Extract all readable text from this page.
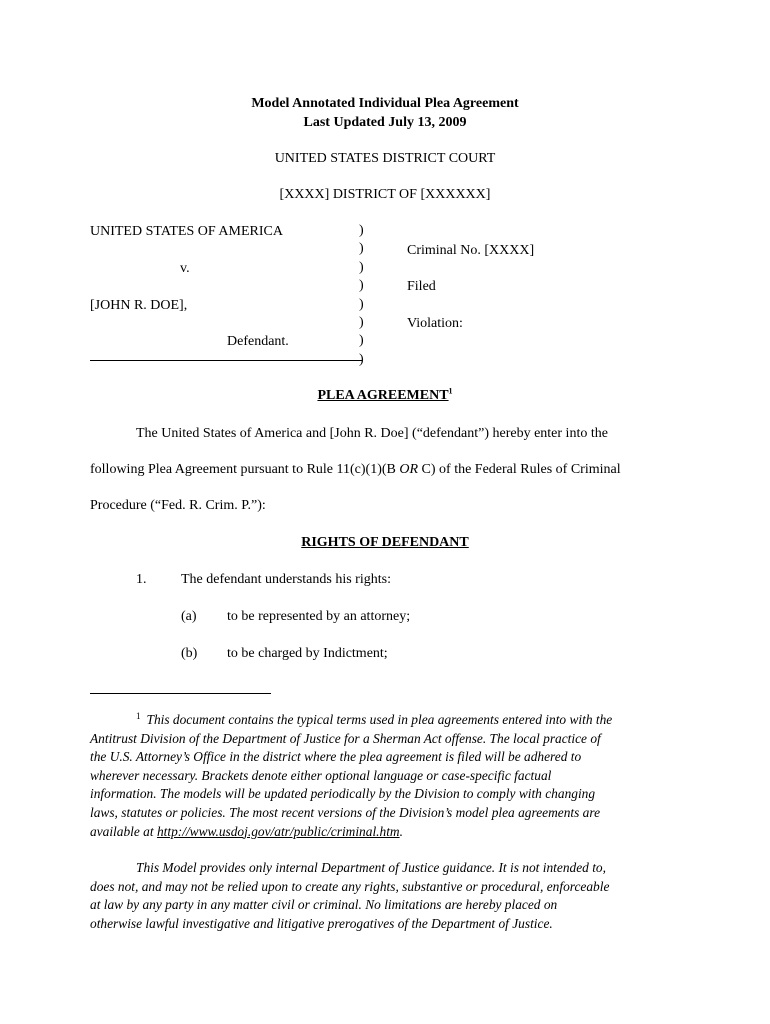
Model Annotated Individual Plea Agreement
Last Updated July 13, 2009
UNITED STATES DISTRICT COURT
[XXXX] DISTRICT OF [XXXXXX]
UNITED STATES OF AMERICA
v.
[JOHN R. DOE],
Defendant.
)
)
)
)
)
)
)
)
Criminal No. [XXXX]
Filed
Violation:
PLEA AGREEMENT$^1$
The United States of America and [John R. Doe] (“defendant”) hereby enter into the
following Plea Agreement pursuant to Rule 11(c)(1)(B OR C) of the Federal Rules of Criminal
Procedure (“Fed. R. Crim. P.”):
RIGHTS OF DEFENDANT
1. The defendant understands his rights:
(a) to be represented by an attorney;
(b) to be charged by Indictment;
$^1$ This document contains the typical terms used in plea agreements entered into with the
Antitrust Division of the Department of Justice for a Sherman Act offense. The local practice of
the U.S. Attorney’s Office in the district where the plea agreement is filed will be adhered to
wherever necessary. Brackets denote either optional language or case-specific factual
information. The models will be updated periodically by the Division to comply with changing
laws, statutes or policies. The most recent versions of the Division’s model plea agreements are
available at http://www.usdoj.gov/atr/public/criminal.htm.
This Model provides only internal Department of Justice guidance. It is not intended to,
does not, and may not be relied upon to create any rights, substantive or procedural, enforceable
at law by any party in any matter civil or criminal. No limitations are hereby placed on
otherwise lawful investigative and litigative prerogatives of the Department of Justice.
